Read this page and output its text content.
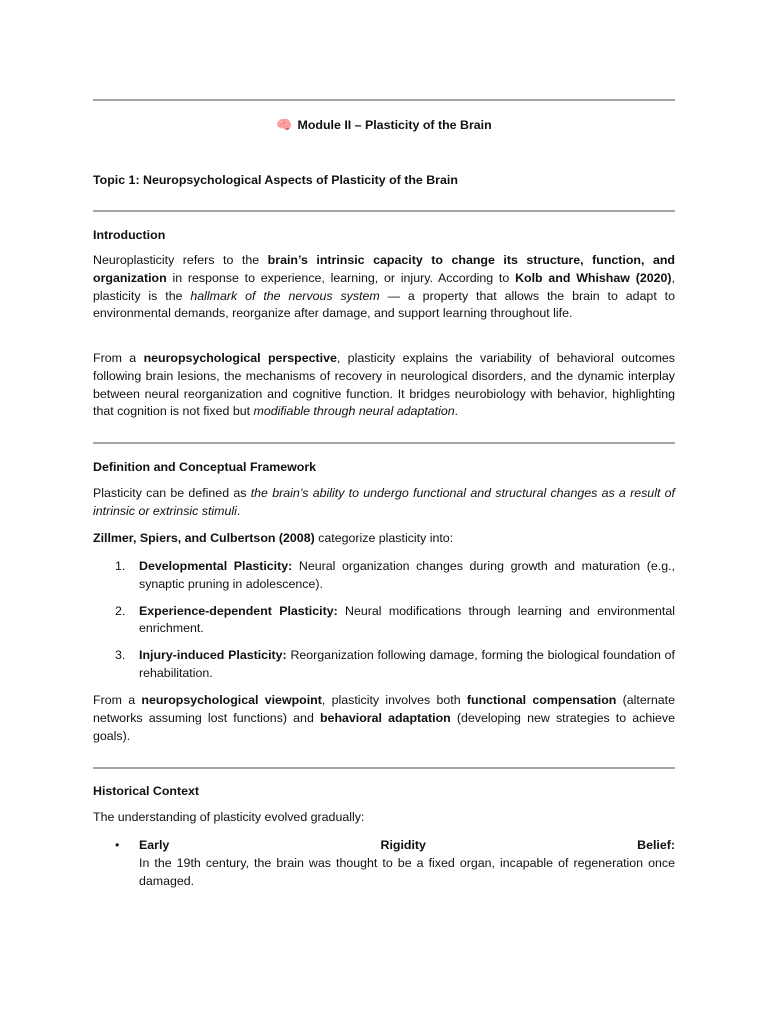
🧠 Module II – Plasticity of the Brain
Topic 1: Neuropsychological Aspects of Plasticity of the Brain
Introduction

Neuroplasticity refers to the brain’s intrinsic capacity to change its structure, function, and organization in response to experience, learning, or injury. According to Kolb and Whishaw (2020), plasticity is the hallmark of the nervous system — a property that allows the brain to adapt to environmental demands, reorganize after damage, and support learning throughout life.

From a neuropsychological perspective, plasticity explains the variability of behavioral outcomes following brain lesions, the mechanisms of recovery in neurological disorders, and the dynamic interplay between neural reorganization and cognitive function. It bridges neurobiology with behavior, highlighting that cognition is not fixed but modifiable through neural adaptation.

Definition and Conceptual Framework

Plasticity can be defined as the brain’s ability to undergo functional and structural changes as a result of intrinsic or extrinsic stimuli.

Zillmer, Spiers, and Culbertson (2008) categorize plasticity into:

1. Developmental Plasticity: Neural organization changes during growth and maturation (e.g., synaptic pruning in adolescence).
2. Experience-dependent Plasticity: Neural modifications through learning and environmental enrichment.
3. Injury-induced Plasticity: Reorganization following damage, forming the biological foundation of rehabilitation.

From a neuropsychological viewpoint, plasticity involves both functional compensation (alternate networks assuming lost functions) and behavioral adaptation (developing new strategies to achieve goals).

Historical Context

The understanding of plasticity evolved gradually:

• Early	Rigidity	Belief:
In the 19th century, the brain was thought to be a fixed organ, incapable of regeneration once damaged.
